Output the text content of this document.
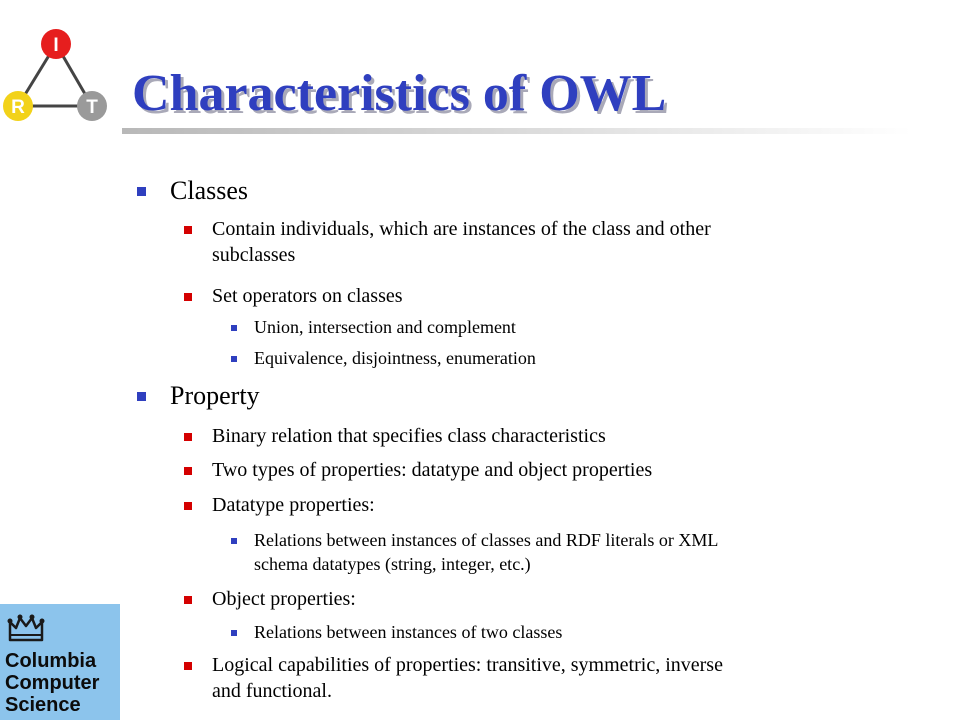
I
R	T Characteristics of OWL
Classes
Contain individuals, which are instances of the class and other
subclasses
Set operators on classes
Union, intersection and complement
Equivalence, disjointness, enumeration
Property
Binary relation that specifies class characteristics
Two types of properties: datatype and object properties
Datatype properties:
Relations between instances of classes and RDF literals or XML
schema datatypes (string, integer, etc.)
Object properties:
Relations between instances of two classes
Logical capabilities of properties: transitive, symmetric, inverse
and functional.
Columbia
Computer
Science
